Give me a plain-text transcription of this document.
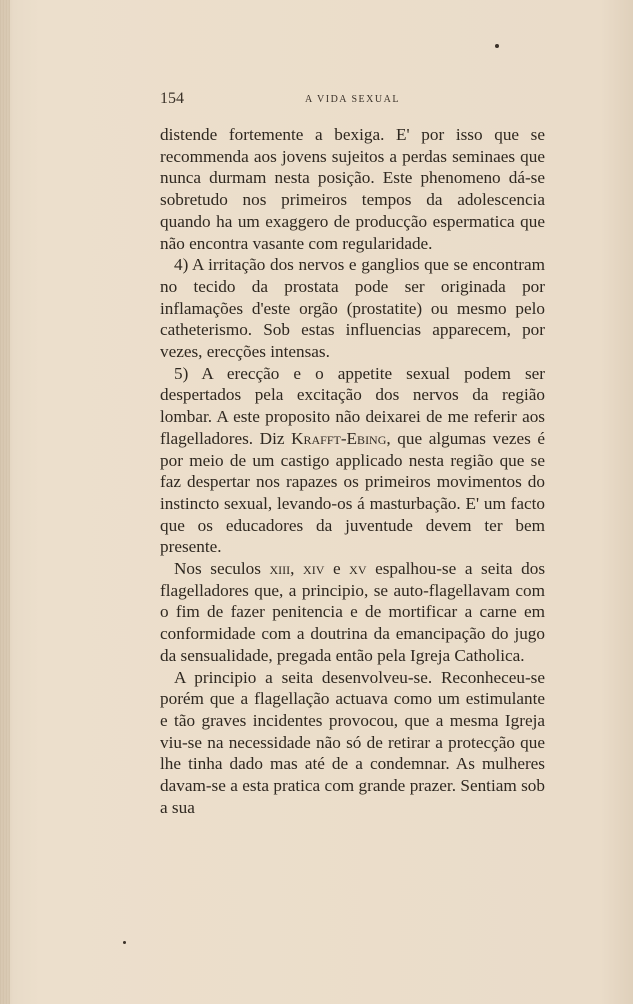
154	A VIDA SEXUAL

distende fortemente a bexiga. E' por isso que se recommenda aos jovens sujeitos a perdas seminaes que nunca durmam nesta posição. Este phenomeno dá-se sobretudo nos primeiros tempos da adolescencia quando ha um exaggero de producção espermatica que não encontra vasante com regularidade.

4) A irritação dos nervos e ganglios que se encontram no tecido da prostata pode ser originada por inflamações d'este orgão (prostatite) ou mesmo pelo catheterismo. Sob estas influencias apparecem, por vezes, erecções intensas.

5) A erecção e o appetite sexual podem ser despertados pela excitação dos nervos da região lombar. A este proposito não deixarei de me referir aos flagelladores. Diz Krafft-Ebing, que algumas vezes é por meio de um castigo applicado nesta região que se faz despertar nos rapazes os primeiros movimentos do instincto sexual, levando-os á masturbação. E' um facto que os educadores da juventude devem ter bem presente.

Nos seculos xiii, xiv e xv espalhou-se a seita dos flagelladores que, a principio, se auto-flagellavam com o fim de fazer penitencia e de mortificar a carne em conformidade com a doutrina da emancipação do jugo da sensualidade, pregada então pela Igreja Catholica.

A principio a seita desenvolveu-se. Reconheceu-se porém que a flagellação actuava como um estimulante e tão graves incidentes provocou, que a mesma Igreja viu-se na necessidade não só de retirar a protecção que lhe tinha dado mas até de a condemnar. As mulheres davam-se a esta pratica com grande prazer. Sentiam sob a sua
